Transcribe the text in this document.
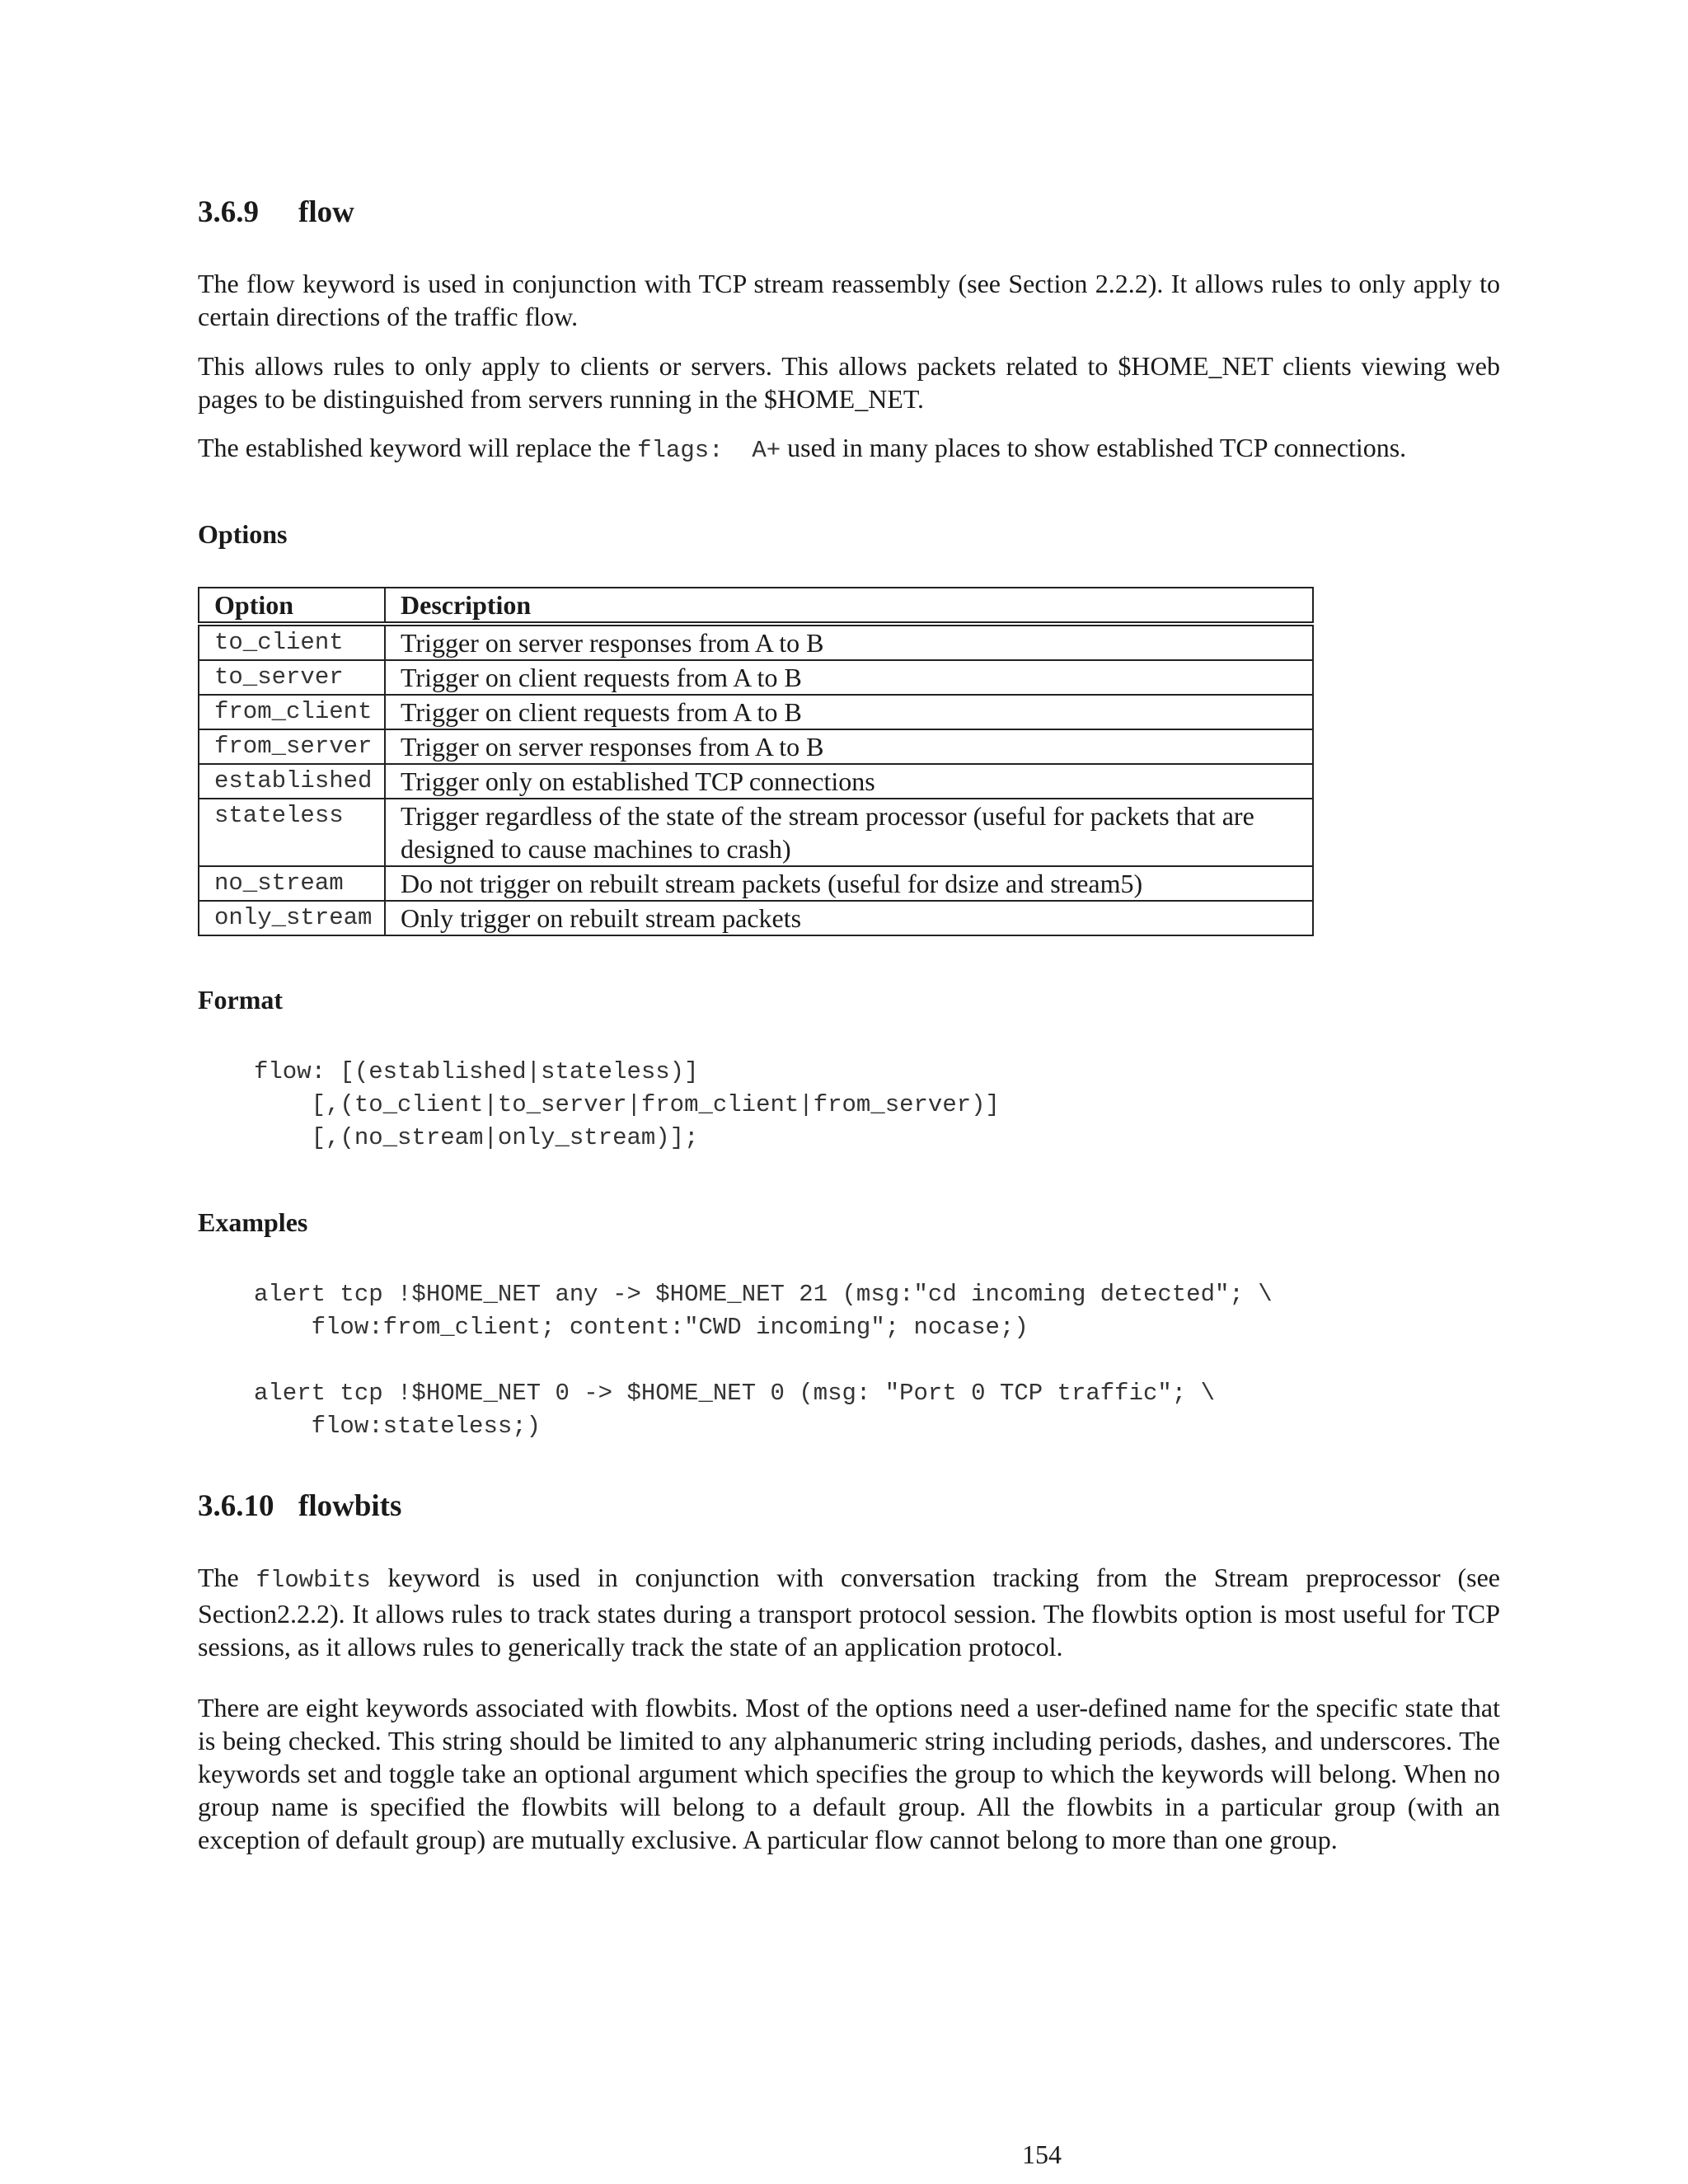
3.6.9 flow

The flow keyword is used in conjunction with TCP stream reassembly (see Section 2.2.2). It allows rules to only apply to certain directions of the traffic flow.

This allows rules to only apply to clients or servers. This allows packets related to $HOME_NET clients viewing web pages to be distinguished from servers running in the $HOME_NET.

The established keyword will replace the flags:  A+ used in many places to show established TCP connections.

Options
Option	Description
to_client	Trigger on server responses from A to B
to_server	Trigger on client requests from A to B
from_client	Trigger on client requests from A to B
from_server	Trigger on server responses from A to B
established	Trigger only on established TCP connections
stateless	Trigger regardless of the state of the stream processor (useful for packets that are designed to cause machines to crash)
no_stream	Do not trigger on rebuilt stream packets (useful for dsize and stream5)
only_stream	Only trigger on rebuilt stream packets
Format
flow: [(established|stateless)]
[,(to_client|to_server|from_client|from_server)]
[,(no_stream|only_stream)];
Examples
alert tcp !$HOME_NET any -> $HOME_NET 21 (msg:"cd incoming detected"; \
flow:from_client; content:"CWD incoming"; nocase;)
alert tcp !$HOME_NET 0 -> $HOME_NET 0 (msg: "Port 0 TCP traffic"; \
flow:stateless;)
3.6.10 flowbits

The flowbits keyword is used in conjunction with conversation tracking from the Stream preprocessor (see Section2.2.2). It allows rules to track states during a transport protocol session. The flowbits option is most useful for TCP sessions, as it allows rules to generically track the state of an application protocol.

There are eight keywords associated with flowbits. Most of the options need a user-defined name for the specific state that is being checked. This string should be limited to any alphanumeric string including periods, dashes, and underscores. The keywords set and toggle take an optional argument which specifies the group to which the keywords will belong. When no group name is specified the flowbits will belong to a default group. All the flowbits in a particular group (with an exception of default group) are mutually exclusive. A particular flow cannot belong to more than one group.

154
